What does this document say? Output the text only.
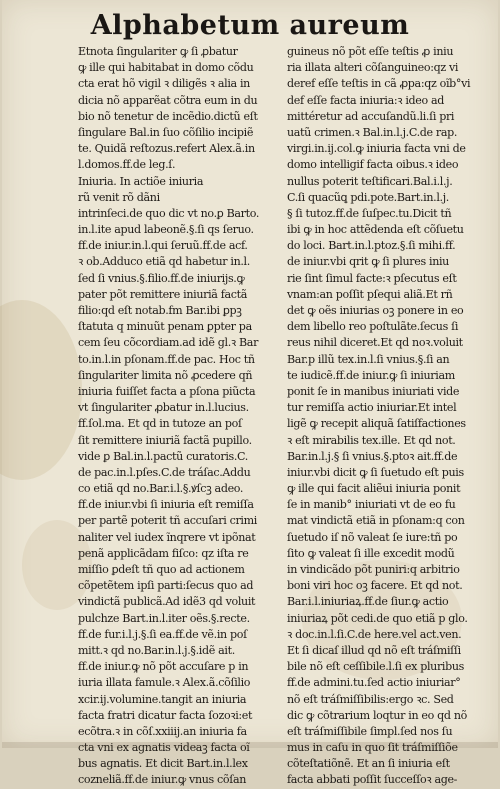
Alphabetum aureum
Etnota ſingulariter ꝙ ſi ꝓbatur
ꝙ ille qui habitabat in domo cõdu
cta erat hõ vigil ꝛ diligẽs ꝛ alia in
dicia nõ apparẽat cõtra eum in du
bio nõ tenetur de incẽdio.dictũ eſt
ſingulare Bal.in ſuo cõſilio incipiẽ
te. Quidã reſtozus.refert Alex.ã.in
l.domos.ff.de leg.ſ.
Iniuria. In actiõe iniuria
rũ venit rõ dãni
intrinſeci.de quo dic vt no.ꝑ Barto.
in.l.ite apud labeonẽ.§.ſi qs ſeruo.
ff.de iniur.in.l.qui ſeruũ.ff.de acf.
ꝛ ob.Adduco etiã qd habetur in.l.
ſed ſi vnius.§.filio.ff.de iniurijs.ꝙ
pater põt remittere iniuriã factã
filio:qd eſt notab.fm Bar.ibi ꝑpꝫ
ſtatuta q minuũt penam ꝑpter pa
cem ſeu cõcordiam.ad idẽ gl.ꝛ Bar
to.in.l.in pſonam.ff.de pac. Hoc tñ
ſingulariter limita nõ ꝓcedere qñ
iniuria fuiſſet facta a pſona piũcta
vt ſingulariter ꝓbatur in.l.lucius.
ff.ſol.ma. Et qd in tutoze an poſ
ſit remittere iniuriã factã pupillo.
vide ꝑ Bal.in.l.pactũ curatoris.C.
de pac.in.l.pſes.C.de tráſac.Addu
co etiã qd no.Bar.i.l.§.ꝟſcꝫ adeo.
ff.de iniur.vbi ſi iniuria eſt remiſſa
per partẽ poterit tñ accuſari crimi
naliter vel iudex ĩnqrere vt ipõnat
penã applicãdam fiſco: qz iſta re
miſſio ꝑdeſt tñ quo ad actionem
cõpetẽtem ipſi parti:ſecus quo ad
vindictã publicã.Ad idẽ3 qd voluit
pulchze Bart.in.l.iter oẽs.§.recte.
ff.de fur.i.l.j.§.ſi ea.ff.de vẽ.in poſ
mitt.ꝛ qd no.Bar.in.l.j.§.idẽ ait.
ff.de iniur.ꝙ nõ põt accuſare p in
iuria illata famule.ꝛ Alex.ã.cõſilio
xcir.ij.volumine.tangit an iniuria
facta fratri dicatur facta ſozoꝛi:et
ecõtra.ꝛ in cõſ.xxiiij.an iniuria fa
cta vni ex agnatis videaꝫ facta oĩ
bus agnatis. Et dicit Bart.in.l.lex
cozneliã.ff.de iniur.ꝙ vnus cõſan
guineus nõ põt eſſe teſtis ꝓ iniu
ria illata alteri cõſanguineo:qz vi
deref eſſe teſtis in cã ꝓpa:qz oĩb°vi
def eſſe facta iniuria:ꝛ ideo ad
mittéretur ad accuſandũ.li.ſi pri
uatũ crimen.ꝛ Bal.in.l.j.C.de rap.
virgi.in.ij.col.ꝙ iniuria facta vni de
domo intelligif facta oibus.ꝛ ideo
nullus poterit teſtificari.Bal.i.l.j.
C.ſi quacũꝗ pdi.pote.Bart.in.l.j.
§ ſi tutoz.ff.de ſuſpec.tu.Dicit tñ
ibi ꝙ in hoc attẽdenda eſt cõſuetu
do loci. Bart.in.l.ptoz.§.ſi mihi.ff.
de iniur.vbi qrit ꝙ ſi plures iniu
rie ſint ſimul facte:ꝛ pſecutus eſt
vnam:an poſſit pſequi aliã.Et rñ
det ꝙ oẽs iniurias oꝫ ponere in eo
dem libello reo poſtulãte.ſecus ſi
reus nihil diceret.Et qd noꝛ.voluit
Bar.p illũ tex.in.l.ſi vnius.§.ſi an
te iudicẽ.ff.de iniur.ꝙ ſi iniuriam
ponit ſe in manibus iniuriati vide
tur remiſſa actio iniuriar.Et intel
ligẽ ꝙ recepit aliquã ſatiſfactiones
ꝛ eſt mirabilis tex.ille. Et qd not.
Bar.in.l.j.§ ſi vnius.§.ptoꝛ ait.ff.de
iniur.vbi dicit ꝙ ſi ſuetudo eſt puis
ꝙ ille qui facit aliẽui iniuria ponit
ſe in manib° iniuriati vt de eo fu
mat vindictã etiã in pſonam:q con
ſuetudo iſ nõ valeat ſe iure:tñ po
ſito ꝙ valeat ſi ille excedit modũ
in vindicãdo põt puniri:q arbitrio
boni viri hoc oꝫ facere. Et qd not.
Bar.i.l.iniuriaꝝ.ff.de ſiur.ꝙ actio
iniuriaꝝ põt cedi.de quo etiã p glo.
ꝛ doc.in.l.ſi.C.de here.vel act.ven.
Et ſi dicaſ illud qd nõ eſt tráſmiſſi
bile nõ eſt ceſſibile.l.ſi ex pluribus
ff.de admini.tu.ſed actio iniuriar°
nõ eſt tráſmiſſibilis:ergo ꝛc. Sed
dic ꝙ cõtrarium loqtur in eo qd nõ
eſt tráſmiſſibile ſimpl.ſed nos ſu
mus in caſu in quo ſit tráſmiſſiõe
cõteſtatiõnẽ. Et an ſi iniuria eſt
facta abbati poſſit ſucceſſoꝛ age-
